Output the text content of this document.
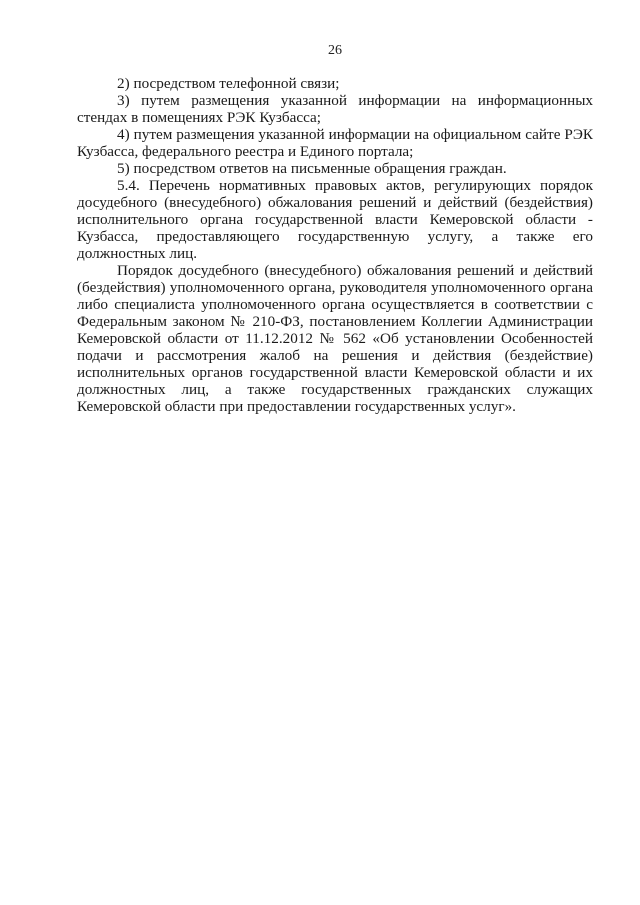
26

2) посредством телефонной связи;

3) путем размещения указанной информации на информационных стендах в помещениях РЭК Кузбасса;

4) путем размещения указанной информации на официальном сайте РЭК Кузбасса, федерального реестра и Единого портала;

5) посредством ответов на письменные обращения граждан.

5.4. Перечень нормативных правовых актов, регулирующих порядок досудебного (внесудебного) обжалования решений и действий (бездействия) исполнительного органа государственной власти Кемеровской области - Кузбасса, предоставляющего государственную услугу, а также его должностных лиц.

Порядок досудебного (внесудебного) обжалования решений и действий (бездействия) уполномоченного органа, руководителя уполномоченного органа либо специалиста уполномоченного органа осуществляется в соответствии с Федеральным законом № 210-ФЗ, постановлением Коллегии Администрации Кемеровской области от 11.12.2012 № 562 «Об установлении Особенностей подачи и рассмотрения жалоб на решения и действия (бездействие) исполнительных органов государственной власти Кемеровской области и их должностных лиц, а также государственных гражданских служащих Кемеровской области при предоставлении государственных услуг».
